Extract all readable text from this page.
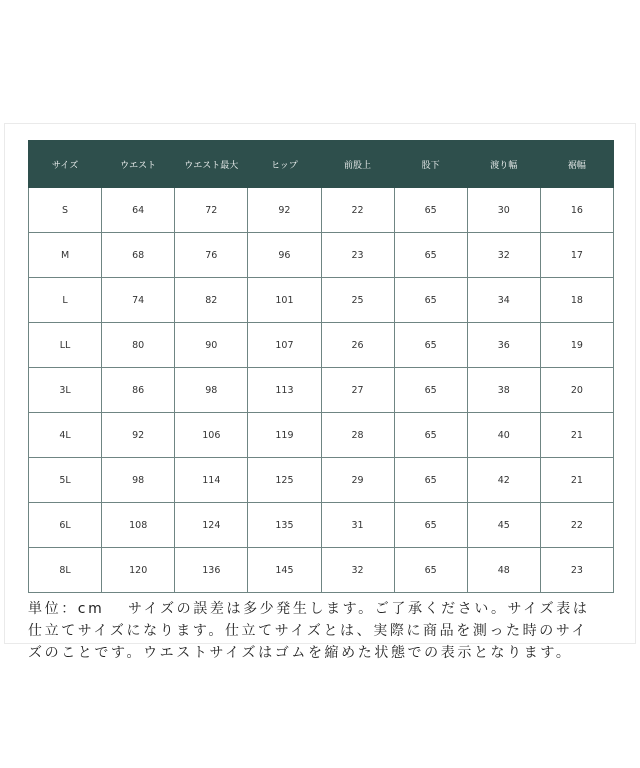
サイズ	ウエスト	ウエスト最大	ヒップ	前股上	股下	渡り幅	裾幅
S	64	72	92	22	65	30	16
M	68	76	96	23	65	32	17
L	74	82	101	25	65	34	18
LL	80	90	107	26	65	36	19
3L	86	98	113	27	65	38	20
4L	92	106	119	28	65	40	21
5L	98	114	125	29	65	42	21
6L	108	124	135	31	65	45	22
8L	120	136	145	32	65	48	23
単位：cm　 サイズの誤差は多少発生します。ご了承ください。サイズ表は
仕立てサイズになります。仕立てサイズとは、実際に商品を測った時のサイ
ズのことです。ウエストサイズはゴムを縮めた状態での表示となります。
